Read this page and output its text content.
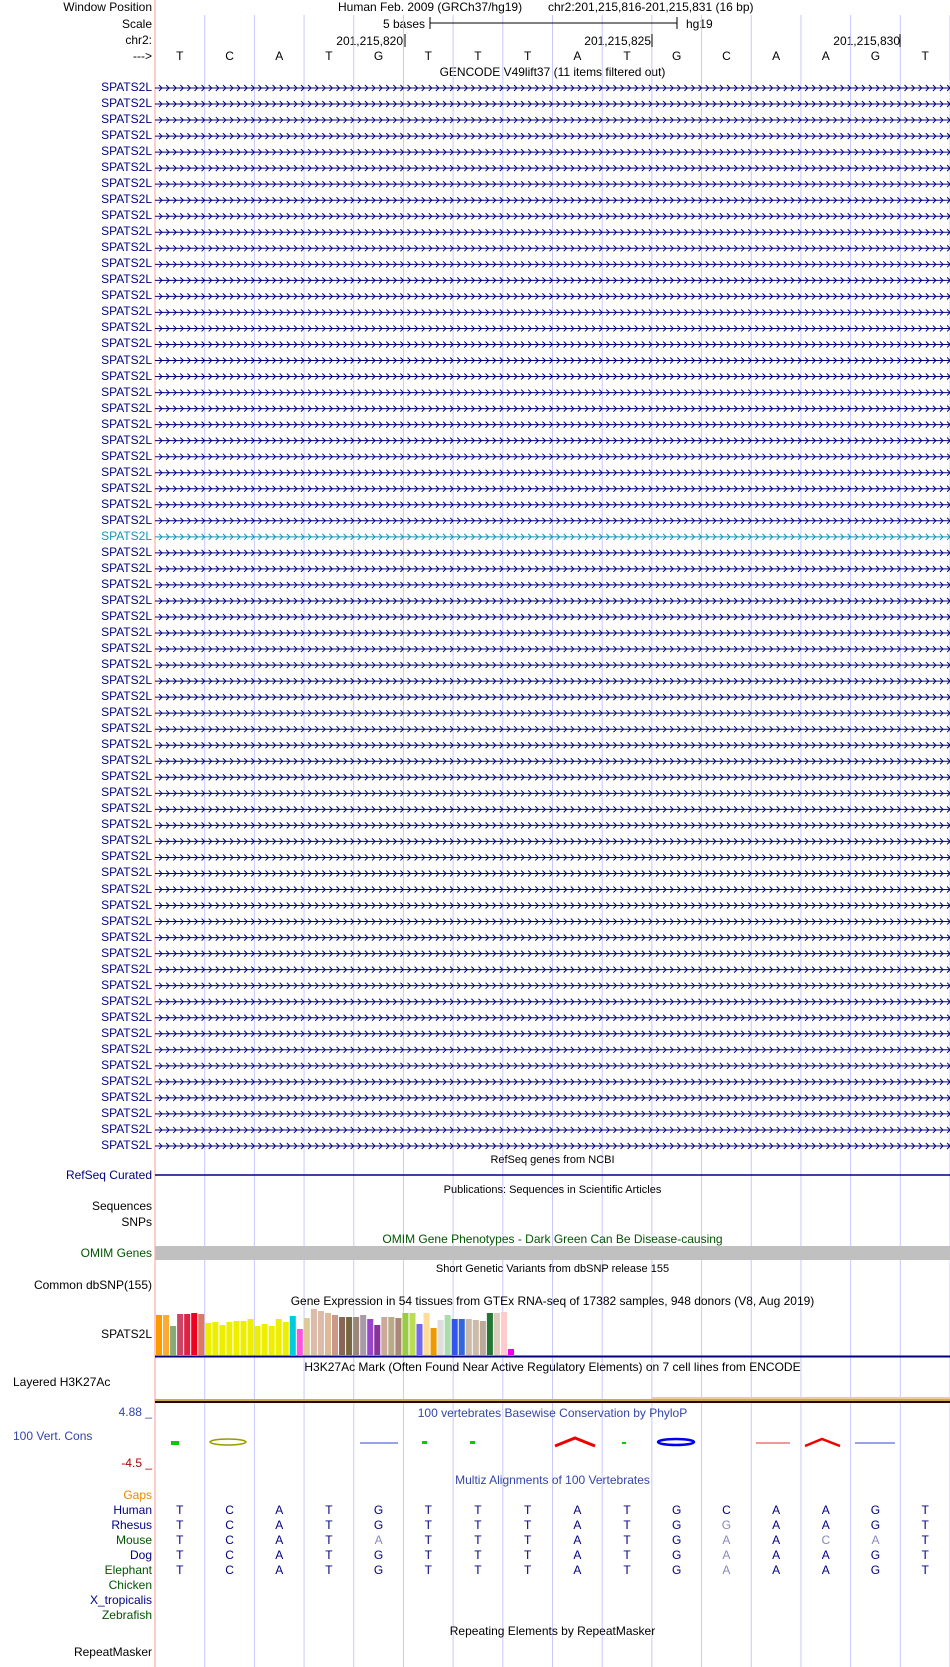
Window Position	Human Feb. 2009 (GRCh37/hg19) chr2:201,215,816-201,215,831 (16 bp)
Scale	5 bases	hg19
chr2:	201,215,820	201,215,825	201,215,830
--->	T	C	A	T	G	T	T	T	A	T	G	C	A	A	G	T
GENCODE V49lift37 (11 items filtered out)
SPATS2L
SPATS2L
SPATS2L
SPATS2L
SPATS2L
SPATS2L
SPATS2L
SPATS2L
SPATS2L
SPATS2L
SPATS2L
SPATS2L
SPATS2L
SPATS2L
SPATS2L
SPATS2L
SPATS2L
SPATS2L
SPATS2L
SPATS2L
SPATS2L
SPATS2L
SPATS2L
SPATS2L
SPATS2L
SPATS2L
SPATS2L
SPATS2L
SPATS2L
SPATS2L
SPATS2L
SPATS2L
SPATS2L
SPATS2L
SPATS2L
SPATS2L
SPATS2L
SPATS2L
SPATS2L
SPATS2L
SPATS2L
SPATS2L
SPATS2L
SPATS2L
SPATS2L
SPATS2L
SPATS2L
SPATS2L
SPATS2L
SPATS2L
SPATS2L
SPATS2L
SPATS2L
SPATS2L
SPATS2L
SPATS2L
SPATS2L
SPATS2L
SPATS2L
SPATS2L
SPATS2L
SPATS2L
SPATS2L
SPATS2L
SPATS2L
SPATS2L
SPATS2L
RefSeq genes from NCBI
RefSeq Curated
Publications: Sequences in Scientific Articles
Sequences
SNPs
OMIM Gene Phenotypes - Dark Green Can Be Disease-causing
OMIM Genes
Short Genetic Variants from dbSNP release 155
Common dbSNP(155)
Gene Expression in 54 tissues from GTEx RNA-seq of 17382 samples, 948 donors (V8, Aug 2019)
SPATS2L
H3K27Ac Mark (Often Found Near Active Regulatory Elements) on 7 cell lines from ENCODE
Layered H3K27Ac
4.88 _	100 vertebrates Basewise Conservation by PhyloP
100 Vert. Cons
-4.5 _
Multiz Alignments of 100 Vertebrates
Gaps
Human	T	C	A	T	G	T	T	T	A	T	G	C	A	A	G	T
Rhesus	T	C	A	T	G	T	T	T	A	T	G	G	A	A	G	T
Mouse	T	C	A	T	A	T	T	T	A	T	G	A	A	C	A	T
Dog	T	C	A	T	G	T	T	T	A	T	G	A	A	A	G	T
Elephant	T	C	A	T	G	T	T	T	A	T	G	A	A	A	G	T
Chicken
X_tropicalis
Zebrafish
Repeating Elements by RepeatMasker
RepeatMasker
